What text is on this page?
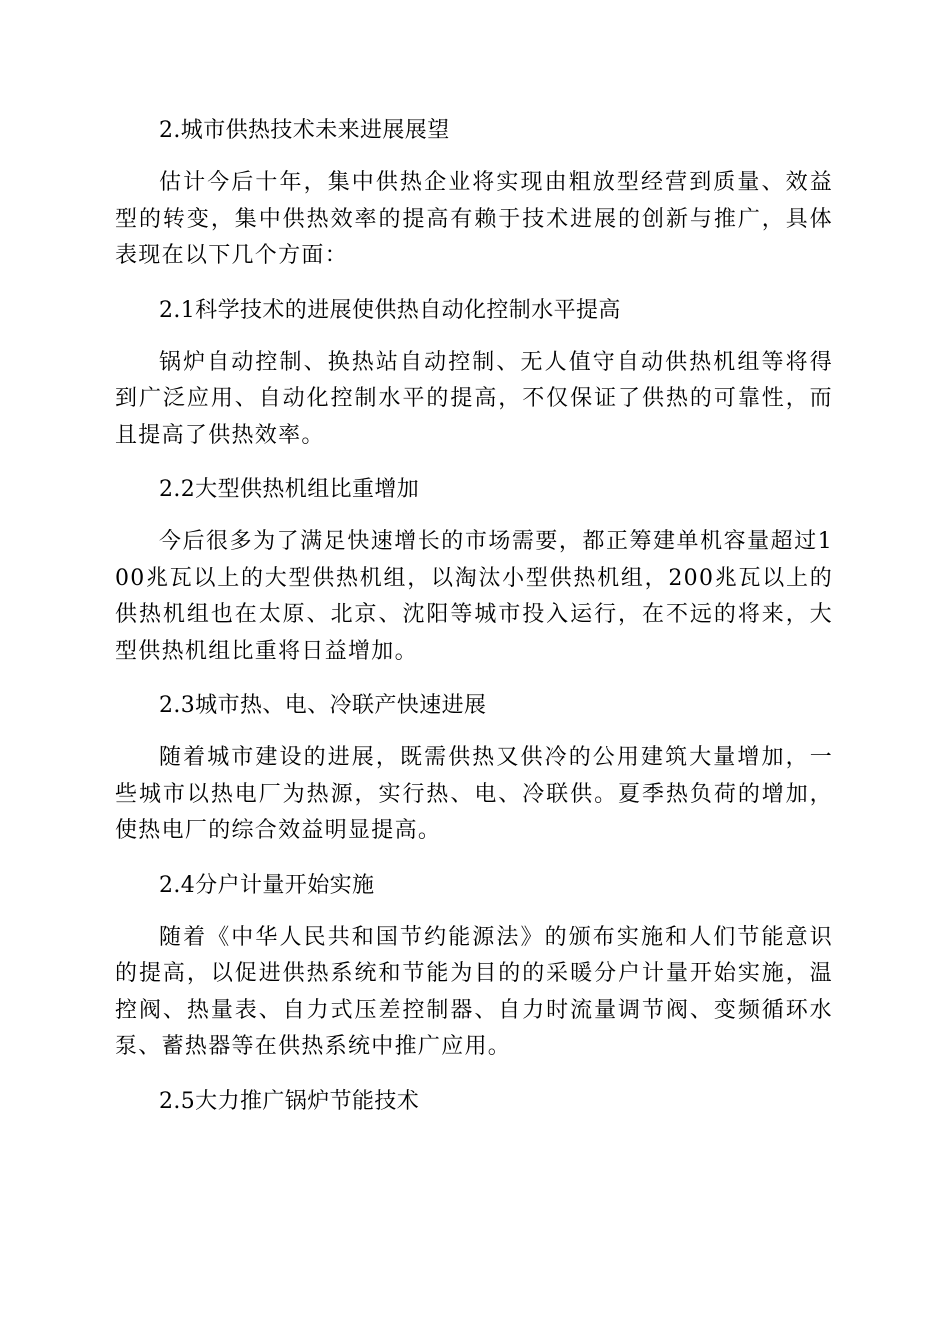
2.城市供热技术未来进展展望

估计今后十年，集中供热企业将实现由粗放型经营到质量、效益型的转变，集中供热效率的提高有赖于技术进展的创新与推广，具体表现在以下几个方面：

2.1科学技术的进展使供热自动化控制水平提高

锅炉自动控制、换热站自动控制、无人值守自动供热机组等将得到广泛应用、自动化控制水平的提高，不仅保证了供热的可靠性，而且提高了供热效率。

2.2大型供热机组比重增加

今后很多为了满足快速增长的市场需要，都正筹建单机容量超过100兆瓦以上的大型供热机组，以淘汰小型供热机组，200兆瓦以上的供热机组也在太原、北京、沈阳等城市投入运行，在不远的将来，大型供热机组比重将日益增加。

2.3城市热、电、冷联产快速进展

随着城市建设的进展，既需供热又供冷的公用建筑大量增加，一些城市以热电厂为热源，实行热、电、冷联供。夏季热负荷的增加，使热电厂的综合效益明显提高。

2.4分户计量开始实施

随着《中华人民共和国节约能源法》的颁布实施和人们节能意识的提高，以促进供热系统和节能为目的的采暖分户计量开始实施，温控阀、热量表、自力式压差控制器、自力时流量调节阀、变频循环水泵、蓄热器等在供热系统中推广应用。

2.5大力推广锅炉节能技术
